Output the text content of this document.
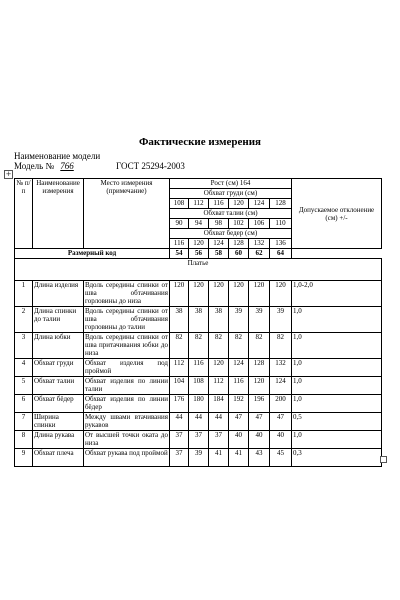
Фактические измерения
Наименование модели
Модель № 766	ГОСТ 25294-2003
+
№ п/п	Наименование измерения	Место измерения (примечание)	Рост (см) 164						Допускаемое отклонение (см) +/-
			Обхват груди (см)						
			108	112	116	120	124	128	
			Обхват талии (см)						
			90	94	98	102	106	110	
			Обхват бедер (см)						
			116	120	124	128	132	136	
Размерный код			54	56	58	60	62	64	
Платье									
1	Длина изделия	Вдоль середины спинки от шва обтачивания горловины до низа	120	120	120	120	120	120	1,0-2,0
2	Длина спинки до талии	Вдоль середины спинки от шва обтачивания горловины до талии	38	38	38	39	39	39	1,0
3	Длина юбки	Вдоль середины спинки от шва притачивания юбки до низа	82	82	82	82	82	82	1,0
4	Обхват груди	Обхват изделия под проймой	112	116	120	124	128	132	1,0
5	Обхват талии	Обхват изделия по линии талии	104	108	112	116	120	124	1,0
6	Обхват бёдер	Обхват изделия по линии бёдер	176	180	184	192	196	200	1,0
7	Ширина спинки	Между швами втачивания рукавов	44	44	44	47	47	47	0,5
8	Длина рукава	От высшей точки оката до низа	37	37	37	40	40	40	1,0
9	Обхват плеча	Обхват рукава под проймой	37	39	41	41	43	45	0,3
